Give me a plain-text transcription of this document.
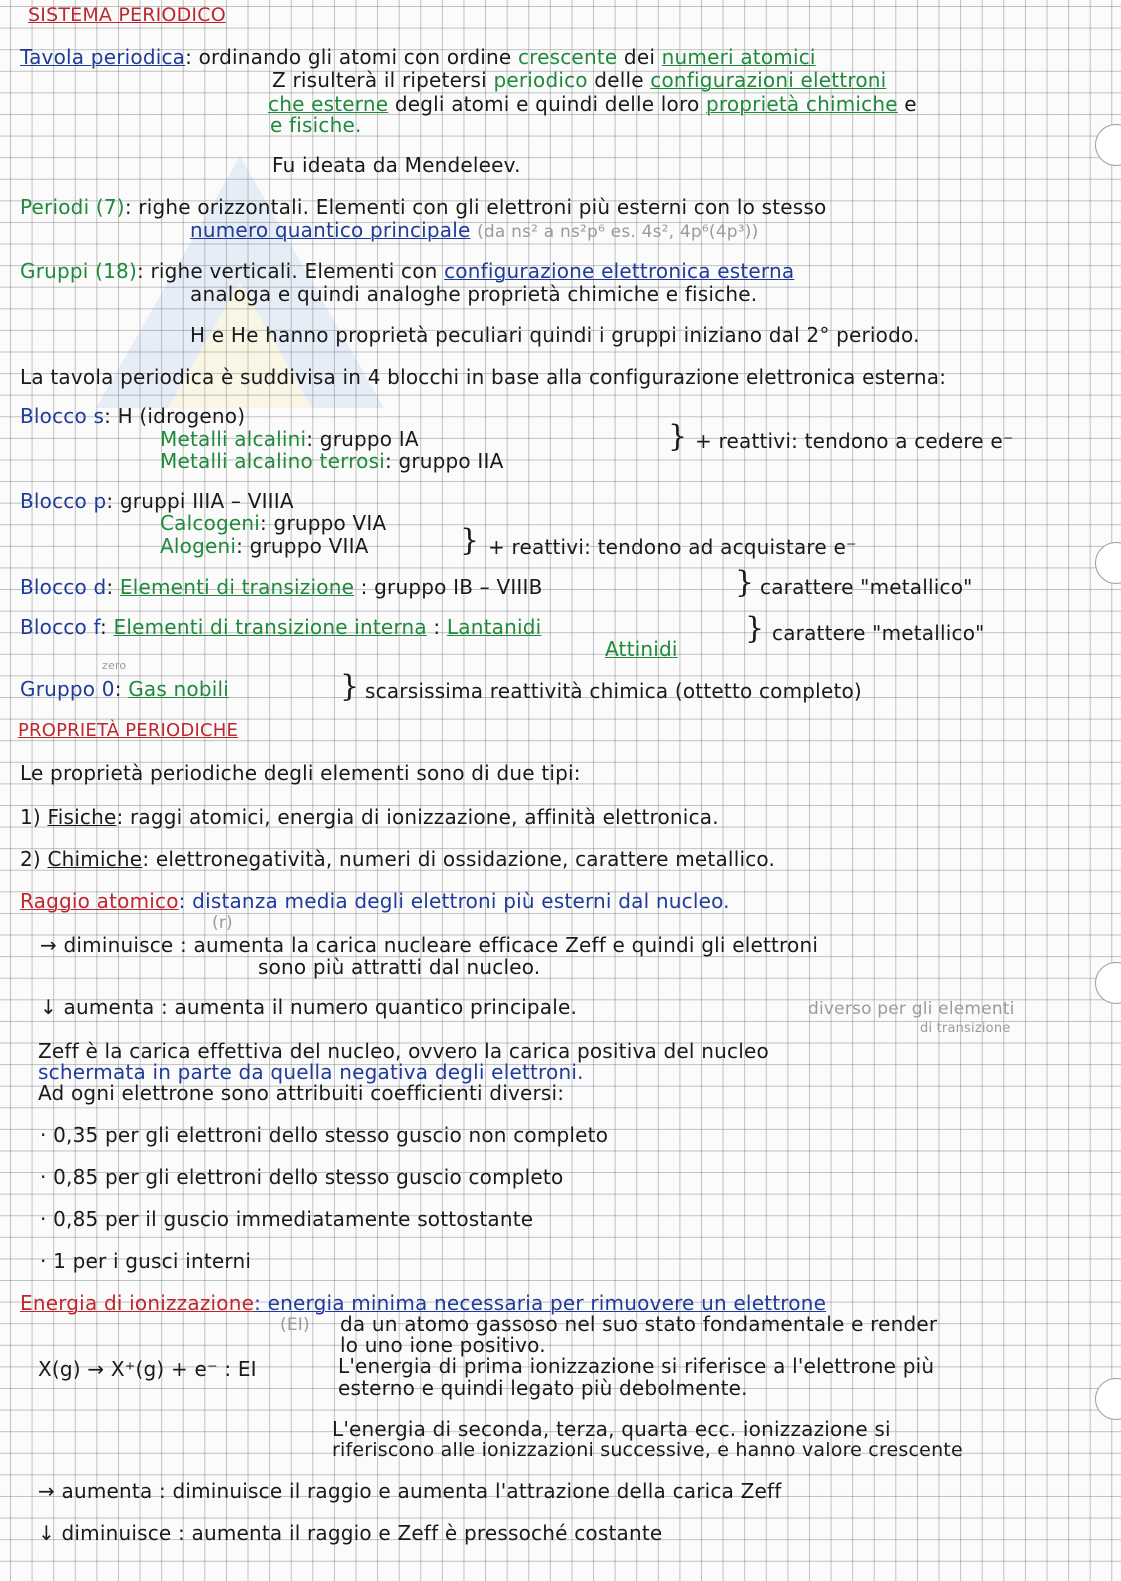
SISTEMA PERIODICO
Tavola periodica: ordinando gli atomi con ordine crescente dei numeri atomici
Z risulterà il ripetersi periodico delle configurazioni elettroni
che esterne degli atomi e quindi delle loro proprietà chimiche e
e fisiche.
Fu ideata da Mendeleev.
Periodi (7): righe orizzontali. Elementi con gli elettroni più esterni con lo stesso
numero quantico principale (da ns² a ns²p⁶ es. 4s², 4p⁶(4p³))
Gruppi (18): righe verticali. Elementi con configurazione elettronica esterna
analoga e quindi analoghe proprietà chimiche e fisiche.
H e He hanno proprietà peculiari quindi i gruppi iniziano dal 2° periodo.
La tavola periodica è suddivisa in 4 blocchi in base alla configurazione elettronica esterna:
Blocco s: H (idrogeno)
Metalli alcalini: gruppo IA
Metalli alcalino terrosi: gruppo IIA
} + reattivi: tendono a cedere e⁻
Blocco p: gruppi IIIA – VIIIA
Calcogeni: gruppo VIA
Alogeni: gruppo VIIA	} + reattivi: tendono ad acquistare e⁻
Blocco d: Elementi di transizione : gruppo IB – VIIIB	} carattere "metallico"
Blocco f: Elementi di transizione interna : Lantanidi
Attinidi
} carattere "metallico"
zero
Gruppo 0: Gas nobili	} scarsissima reattività chimica (ottetto completo)
PROPRIETÀ PERIODICHE
Le proprietà periodiche degli elementi sono di due tipi:
1) Fisiche: raggi atomici, energia di ionizzazione, affinità elettronica.
2) Chimiche: elettronegatività, numeri di ossidazione, carattere metallico.
Raggio atomico: distanza media degli elettroni più esterni dal nucleo.
(r)
→ diminuisce : aumenta la carica nucleare efficace Zeff e quindi gli elettroni
sono più attratti dal nucleo.
↓ aumenta : aumenta il numero quantico principale.	diverso per gli elementi
di transizione
Zeff è la carica effettiva del nucleo, ovvero la carica positiva del nucleo
schermata in parte da quella negativa degli elettroni.
Ad ogni elettrone sono attribuiti coefficienti diversi:
· 0,35 per gli elettroni dello stesso guscio non completo
· 0,85 per gli elettroni dello stesso guscio completo
· 0,85 per il guscio immediatamente sottostante
· 1 per i gusci interni
Energia di ionizzazione: energia minima necessaria per rimuovere un elettrone
(EI) da un atomo gassoso nel suo stato fondamentale e render
lo uno ione positivo.
X(g) → X⁺(g) + e⁻ : EI	L'energia di prima ionizzazione si riferisce a l'elettrone più
esterno e quindi legato più debolmente.
L'energia di seconda, terza, quarta ecc. ionizzazione si
riferiscono alle ionizzazioni successive, e hanno valore crescente
→ aumenta : diminuisce il raggio e aumenta l'attrazione della carica Zeff
↓ diminuisce : aumenta il raggio e Zeff è pressoché costante
